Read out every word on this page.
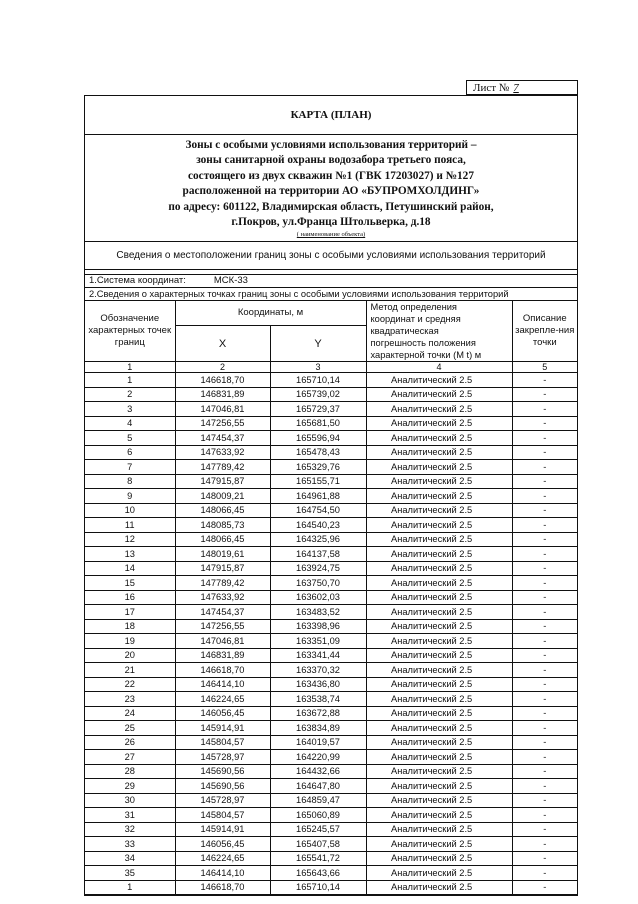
Лист № 7
КАРТА (ПЛАН)
Зоны с особыми условиями использования территорий –
зоны санитарной охраны водозабора третьего пояса,
состоящего из двух скважин №1 (ГВК 17203027) и №127
расположенной на территории АО «БУПРОМХОЛДИНГ»
по адресу: 601122, Владимирская область, Петушинский район,
г.Покров, ул.Франца Штольверка, д.18
( наименование объекта)
Сведения о местоположении границ зоны с особыми условиями использования территорий
1.Система координат:	МСК-33
2.Сведения о характерных точках границ зоны с особыми условиями использования территорий
Обозначение характерных точек границ	Координаты, м		Метод определения
координат и средняя
квадратическая
погрешность положения
характерной точки (М t) м	Описание закрепле-ния точки
	X	Y		
1	2	3	4	5
1	146618,70	165710,14	Аналитический 2.5	-
2	146831,89	165739,02	Аналитический 2.5	-
3	147046,81	165729,37	Аналитический 2.5	-
4	147256,55	165681,50	Аналитический 2.5	-
5	147454,37	165596,94	Аналитический 2.5	-
6	147633,92	165478,43	Аналитический 2.5	-
7	147789,42	165329,76	Аналитический 2.5	-
8	147915,87	165155,71	Аналитический 2.5	-
9	148009,21	164961,88	Аналитический 2.5	-
10	148066,45	164754,50	Аналитический 2.5	-
11	148085,73	164540,23	Аналитический 2.5	-
12	148066,45	164325,96	Аналитический 2.5	-
13	148019,61	164137,58	Аналитический 2.5	-
14	147915,87	163924,75	Аналитический 2.5	-
15	147789,42	163750,70	Аналитический 2.5	-
16	147633,92	163602,03	Аналитический 2.5	-
17	147454,37	163483,52	Аналитический 2.5	-
18	147256,55	163398,96	Аналитический 2.5	-
19	147046,81	163351,09	Аналитический 2.5	-
20	146831,89	163341,44	Аналитический 2.5	-
21	146618,70	163370,32	Аналитический 2.5	-
22	146414,10	163436,80	Аналитический 2.5	-
23	146224,65	163538,74	Аналитический 2.5	-
24	146056,45	163672,88	Аналитический 2.5	-
25	145914,91	163834,89	Аналитический 2.5	-
26	145804,57	164019,57	Аналитический 2.5	-
27	145728,97	164220,99	Аналитический 2.5	-
28	145690,56	164432,66	Аналитический 2.5	-
29	145690,56	164647,80	Аналитический 2.5	-
30	145728,97	164859,47	Аналитический 2.5	-
31	145804,57	165060,89	Аналитический 2.5	-
32	145914,91	165245,57	Аналитический 2.5	-
33	146056,45	165407,58	Аналитический 2.5	-
34	146224,65	165541,72	Аналитический 2.5	-
35	146414,10	165643,66	Аналитический 2.5	-
1	146618,70	165710,14	Аналитический 2.5	-
